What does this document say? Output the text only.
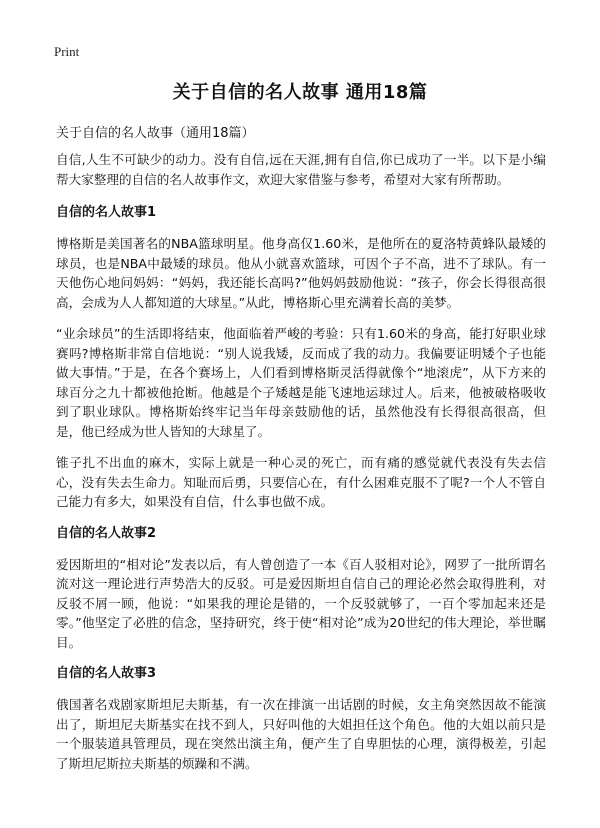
Print
关于自信的名人故事 通用18篇
关于自信的名人故事（通用18篇）

自信,人生不可缺少的动力。没有自信,远在天涯,拥有自信,你已成功了一半。以下是小编帮大家整理的自信的名人故事作文，欢迎大家借鉴与参考，希望对大家有所帮助。

自信的名人故事1

博格斯是美国著名的NBA篮球明星。他身高仅1.60米，是他所在的夏洛特黄蜂队最矮的球员，也是NBA中最矮的球员。他从小就喜欢篮球，可因个子不高，进不了球队。有一天他伤心地问妈妈：“妈妈，我还能长高吗?”他妈妈鼓励他说：“孩子，你会长得很高很高，会成为人人都知道的大球星。”从此，博格斯心里充满着长高的美梦。

“业余球员”的生活即将结束，他面临着严峻的考验：只有1.60米的身高，能打好职业球赛吗?博格斯非常自信地说：“别人说我矮，反而成了我的动力。我偏要证明矮个子也能做大事情。”于是，在各个赛场上，人们看到博格斯灵活得就像个“地滚虎”，从下方来的球百分之九十都被他抢断。他越是个子矮越是能飞速地运球过人。后来，他被破格吸收到了职业球队。博格斯始终牢记当年母亲鼓励他的话，虽然他没有长得很高很高，但是，他已经成为世人皆知的大球星了。

锥子扎不出血的麻木，实际上就是一种心灵的死亡，而有痛的感觉就代表没有失去信心，没有失去生命力。知耻而后勇，只要信心在，有什么困难克服不了呢?一个人不管自己能力有多大，如果没有自信，什么事也做不成。

自信的名人故事2

爱因斯坦的“相对论”发表以后，有人曾创造了一本《百人驳相对论》，网罗了一批所谓名流对这一理论进行声势浩大的反驳。可是爱因斯坦自信自己的理论必然会取得胜利，对反驳不屑一顾，他说：“如果我的理论是错的，一个反驳就够了，一百个零加起来还是零。”他坚定了必胜的信念，坚持研究，终于使“相对论”成为20世纪的伟大理论，举世瞩目。

自信的名人故事3

俄国著名戏剧家斯坦尼夫斯基，有一次在排演一出话剧的时候，女主角突然因故不能演出了，斯坦尼夫斯基实在找不到人，只好叫他的大姐担任这个角色。他的大姐以前只是一个服装道具管理员，现在突然出演主角，便产生了自卑胆怯的心理，演得极差，引起了斯坦尼斯拉夫斯基的烦躁和不满。
